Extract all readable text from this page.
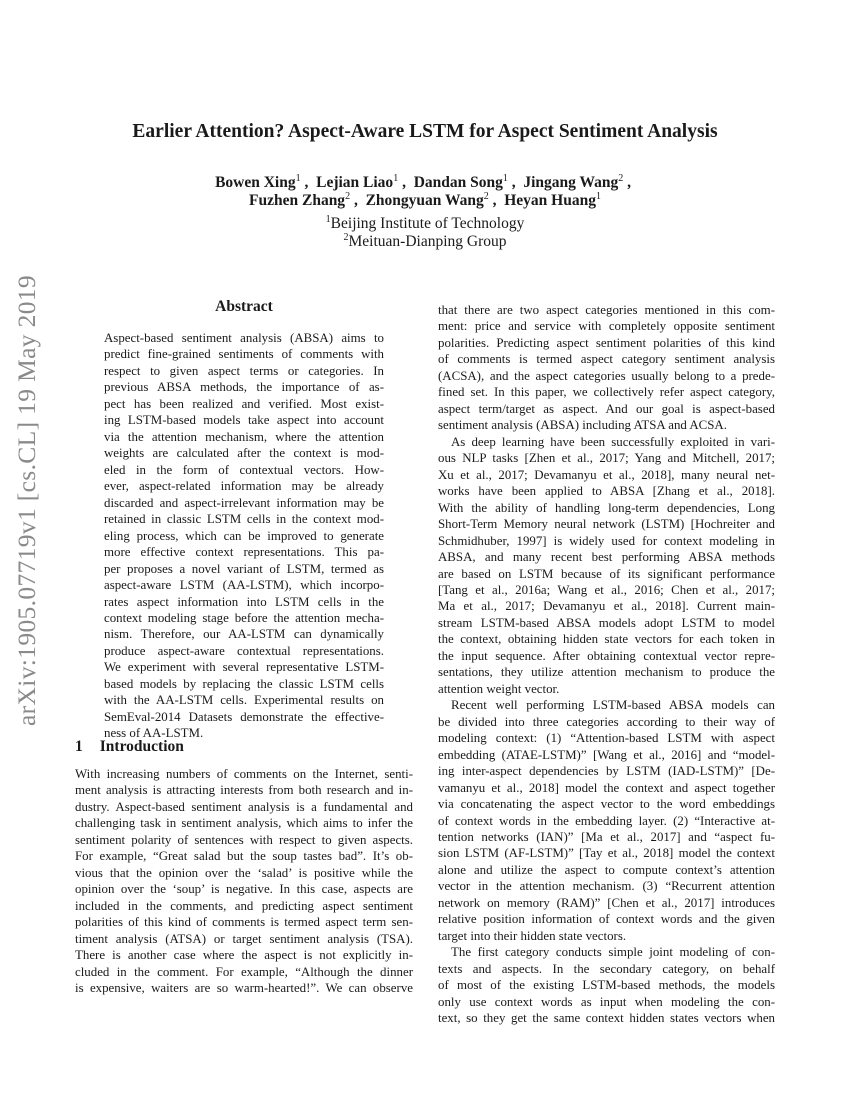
arXiv:1905.07719v1 [cs.CL] 19 May 2019
Earlier Attention? Aspect-Aware LSTM for Aspect Sentiment Analysis
Bowen Xing$^1$ ,  Lejian Liao$^1$ ,  Dandan Song$^1$ ,  Jingang Wang$^2$ ,
Fuzhen Zhang$^2$ ,  Zhongyuan Wang$^2$ ,  Heyan Huang$^1$
$^1$Beijing Institute of Technology
$^2$Meituan-Dianping Group
Abstract
Aspect-based sentiment analysis (ABSA) aims to
predict fine-grained sentiments of comments with
respect to given aspect terms or categories. In
previous ABSA methods, the importance of as-
pect has been realized and verified. Most exist-
ing LSTM-based models take aspect into account
via the attention mechanism, where the attention
weights are calculated after the context is mod-
eled in the form of contextual vectors. How-
ever, aspect-related information may be already
discarded and aspect-irrelevant information may be
retained in classic LSTM cells in the context mod-
eling process, which can be improved to generate
more effective context representations. This pa-
per proposes a novel variant of LSTM, termed as
aspect-aware LSTM (AA-LSTM), which incorpo-
rates aspect information into LSTM cells in the
context modeling stage before the attention mecha-
nism. Therefore, our AA-LSTM can dynamically
produce aspect-aware contextual representations.
We experiment with several representative LSTM-
based models by replacing the classic LSTM cells
with the AA-LSTM cells. Experimental results on
SemEval-2014 Datasets demonstrate the effective-
ness of AA-LSTM.
1 Introduction
With increasing numbers of comments on the Internet, senti-
ment analysis is attracting interests from both research and in-
dustry. Aspect-based sentiment analysis is a fundamental and
challenging task in sentiment analysis, which aims to infer the
sentiment polarity of sentences with respect to given aspects.
For example, “Great salad but the soup tastes bad”. It’s ob-
vious that the opinion over the ‘salad’ is positive while the
opinion over the ‘soup’ is negative. In this case, aspects are
included in the comments, and predicting aspect sentiment
polarities of this kind of comments is termed aspect term sen-
timent analysis (ATSA) or target sentiment analysis (TSA).
There is another case where the aspect is not explicitly in-
cluded in the comment. For example, “Although the dinner
is expensive, waiters are so warm-hearted!”. We can observe
that there are two aspect categories mentioned in this com-
ment: price and service with completely opposite sentiment
polarities. Predicting aspect sentiment polarities of this kind
of comments is termed aspect category sentiment analysis
(ACSA), and the aspect categories usually belong to a prede-
fined set. In this paper, we collectively refer aspect category,
aspect term/target as aspect. And our goal is aspect-based
sentiment analysis (ABSA) including ATSA and ACSA.
As deep learning have been successfully exploited in vari-
ous NLP tasks [Zhen et al., 2017; Yang and Mitchell, 2017;
Xu et al., 2017; Devamanyu et al., 2018], many neural net-
works have been applied to ABSA [Zhang et al., 2018].
With the ability of handling long-term dependencies, Long
Short-Term Memory neural network (LSTM) [Hochreiter and
Schmidhuber, 1997] is widely used for context modeling in
ABSA, and many recent best performing ABSA methods
are based on LSTM because of its significant performance
[Tang et al., 2016a; Wang et al., 2016; Chen et al., 2017;
Ma et al., 2017; Devamanyu et al., 2018]. Current main-
stream LSTM-based ABSA models adopt LSTM to model
the context, obtaining hidden state vectors for each token in
the input sequence. After obtaining contextual vector repre-
sentations, they utilize attention mechanism to produce the
attention weight vector.
Recent well performing LSTM-based ABSA models can
be divided into three categories according to their way of
modeling context: (1) “Attention-based LSTM with aspect
embedding (ATAE-LSTM)” [Wang et al., 2016] and “model-
ing inter-aspect dependencies by LSTM (IAD-LSTM)” [De-
vamanyu et al., 2018] model the context and aspect together
via concatenating the aspect vector to the word embeddings
of context words in the embedding layer. (2) “Interactive at-
tention networks (IAN)” [Ma et al., 2017] and “aspect fu-
sion LSTM (AF-LSTM)” [Tay et al., 2018] model the context
alone and utilize the aspect to compute context’s attention
vector in the attention mechanism. (3) “Recurrent attention
network on memory (RAM)” [Chen et al., 2017] introduces
relative position information of context words and the given
target into their hidden state vectors.
The first category conducts simple joint modeling of con-
texts and aspects. In the secondary category, on behalf
of most of the existing LSTM-based methods, the models
only use context words as input when modeling the con-
text, so they get the same context hidden states vectors when
